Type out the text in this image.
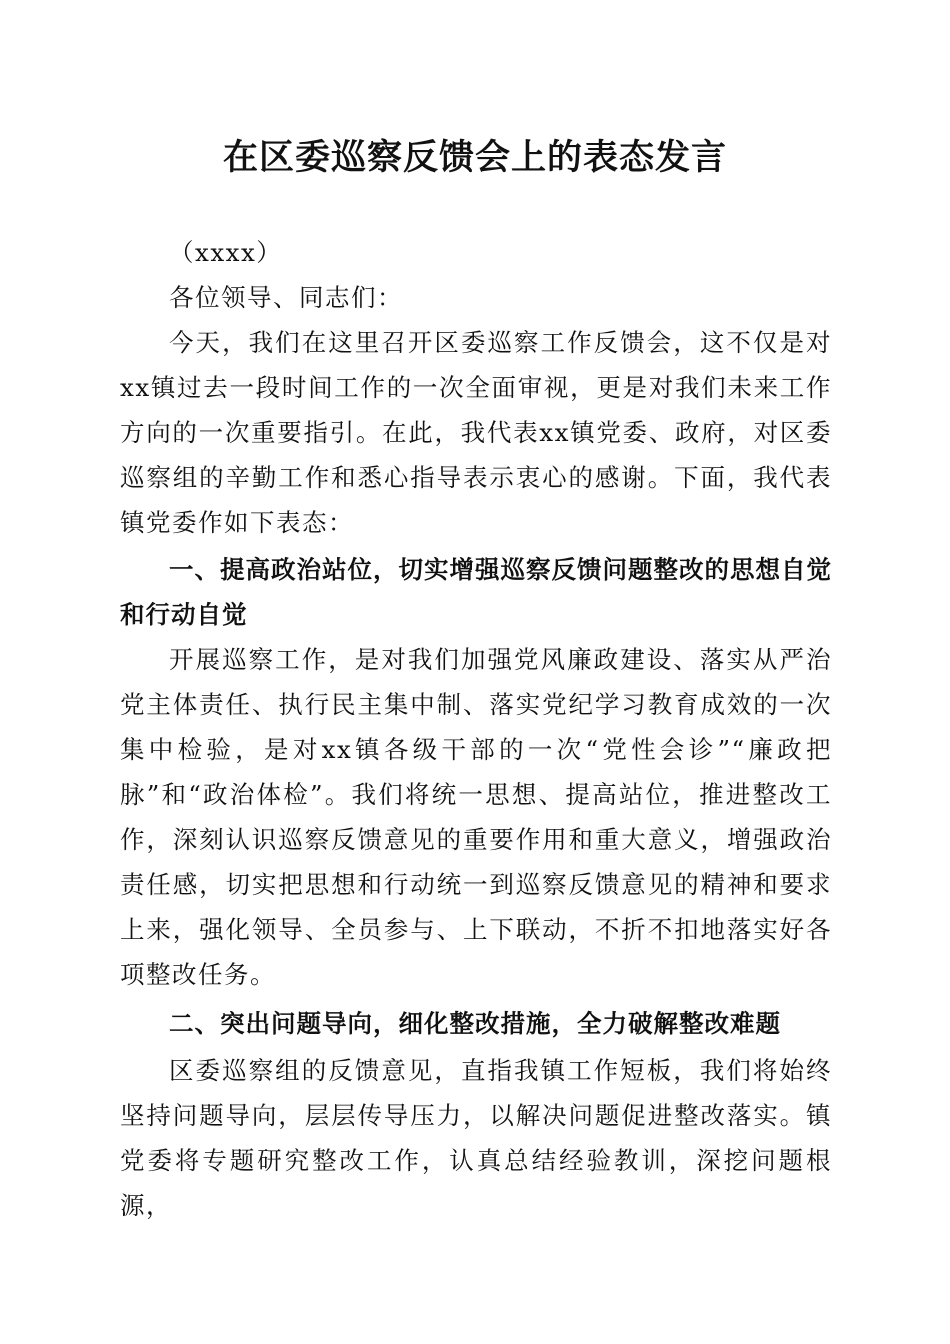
在区委巡察反馈会上的表态发言

（xxxx）

各位领导、同志们：

今天，我们在这里召开区委巡察工作反馈会，这不仅是对xx镇过去一段时间工作的一次全面审视，更是对我们未来工作方向的一次重要指引。在此，我代表xx镇党委、政府，对区委巡察组的辛勤工作和悉心指导表示衷心的感谢。下面，我代表镇党委作如下表态：

一、提高政治站位，切实增强巡察反馈问题整改的思想自觉和行动自觉

开展巡察工作，是对我们加强党风廉政建设、落实从严治党主体责任、执行民主集中制、落实党纪学习教育成效的一次集中检验，是对xx镇各级干部的一次“党性会诊”“廉政把脉”和“政治体检”。我们将统一思想、提高站位，推进整改工作，深刻认识巡察反馈意见的重要作用和重大意义，增强政治责任感，切实把思想和行动统一到巡察反馈意见的精神和要求上来，强化领导、全员参与、上下联动，不折不扣地落实好各项整改任务。

二、突出问题导向，细化整改措施，全力破解整改难题

区委巡察组的反馈意见，直指我镇工作短板，我们将始终坚持问题导向，层层传导压力，以解决问题促进整改落实。镇党委将专题研究整改工作，认真总结经验教训，深挖问题根源，
